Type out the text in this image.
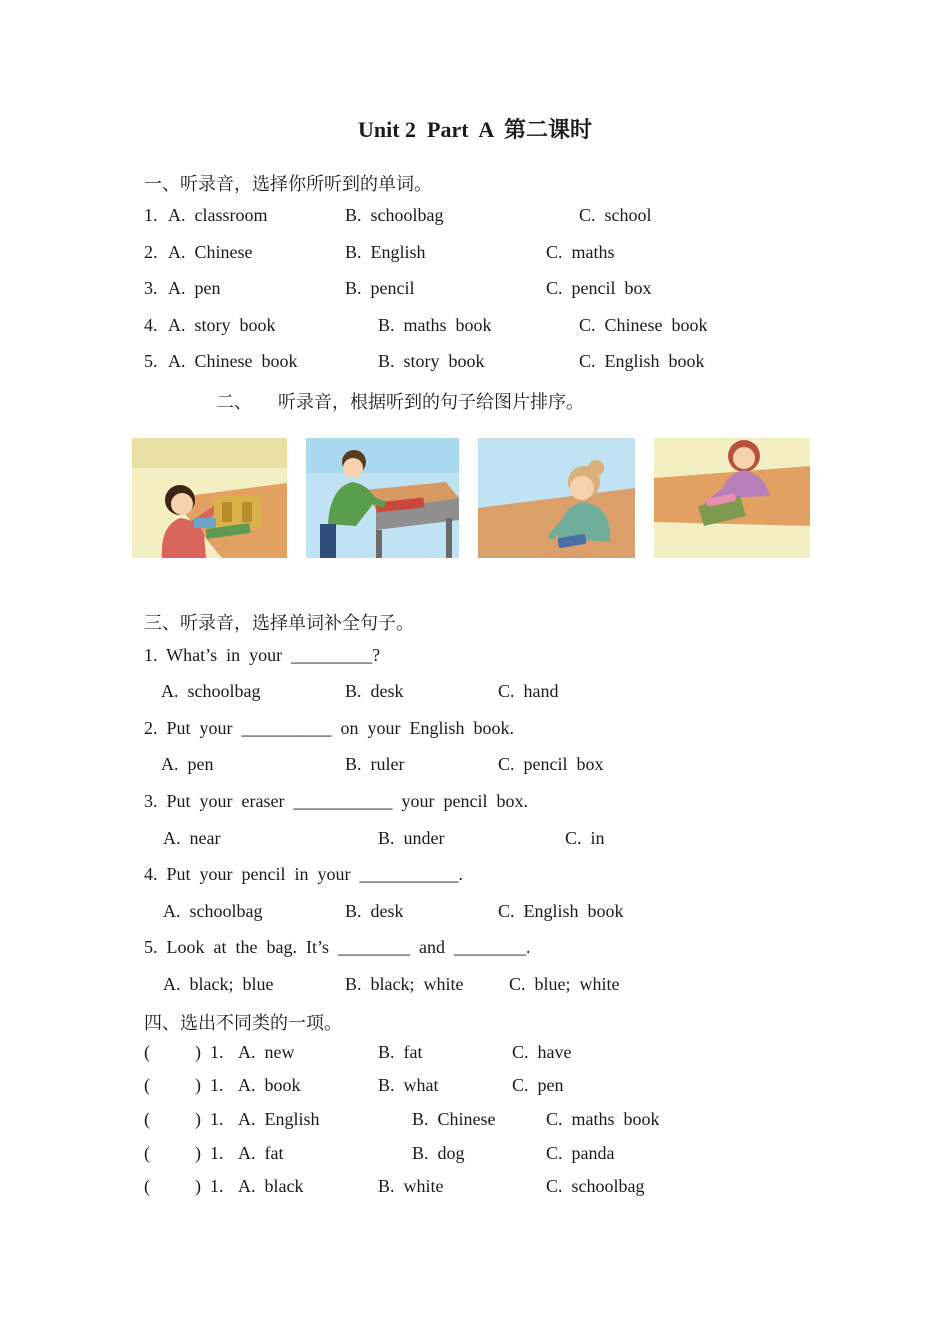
Unit 2  Part  A  第二课时
一、听录音，选择你所听到的单词。
1. A.  classroom	B.  schoolbag	C.  school
2. A.  Chinese	B.  English	C.  maths
3. A.  pen	B.  pencil	C.  pencil  box
4. A.  story  book	B.  maths  book	C.  Chinese  book
5. A.  Chinese  book	B.  story  book	C.  English  book
二、 听录音，根据听到的句子给图片排序。
三、听录音，选择单词补全句子。
1.  What’s  in  your  _________?
A.  schoolbag	B.  desk	C.  hand
2.  Put  your  __________  on  your  English  book.
A.  pen	B.  ruler	C.  pencil  box
3.  Put  your  eraser  ___________  your  pencil  box.
A.  near	B.  under	C.  in
4.  Put  your  pencil  in  your  ___________.
A.  schoolbag	B.  desk	C.  English  book
5.  Look  at  the  bag.  It’s  ________  and  ________.
A.  black;  blue	B.  black;  white	C.  blue;  white
四、选出不同类的一项。
(          )  1. A.  new	B.  fat	C.  have
(          )  1. A.  book	B.  what	C.  pen
(          )  1. A.  English	B.  Chinese	C.  maths  book
(          )  1. A.  fat	B.  dog	C.  panda
(          )  1. A.  black	B.  white	C.  schoolbag
